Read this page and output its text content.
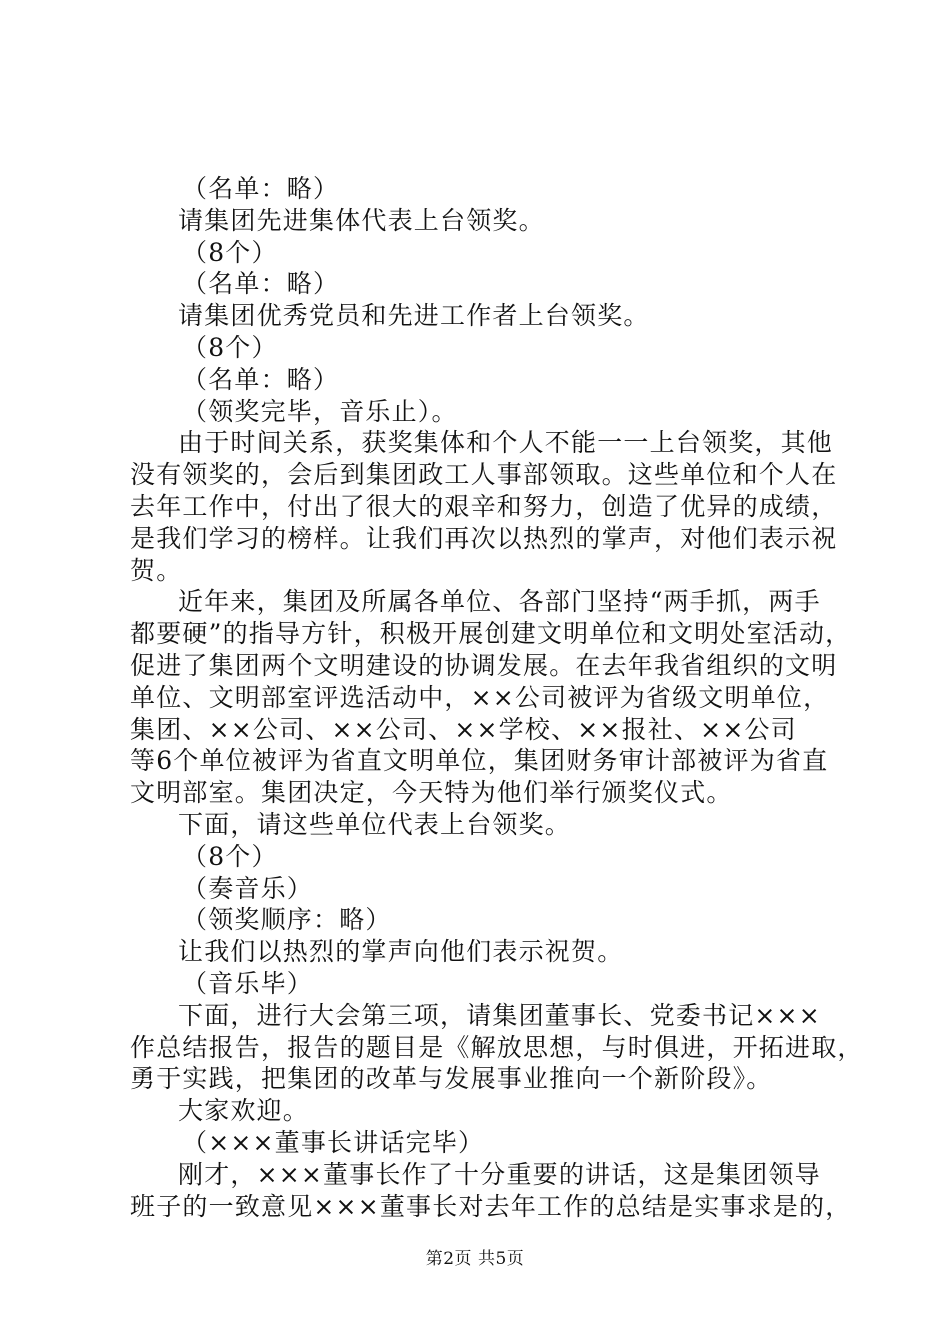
（名单：略）
请集团先进集体代表上台领奖。
（8个）
（名单：略）
请集团优秀党员和先进工作者上台领奖。
（8个）
（名单：略）
（领奖完毕，音乐止）。
由于时间关系，获奖集体和个人不能一一上台领奖，其他
没有领奖的，会后到集团政工人事部领取。这些单位和个人在
去年工作中，付出了很大的艰辛和努力，创造了优异的成绩，
是我们学习的榜样。让我们再次以热烈的掌声，对他们表示祝
贺。
近年来，集团及所属各单位、各部门坚持“两手抓，两手
都要硬”的指导方针，积极开展创建文明单位和文明处室活动，
促进了集团两个文明建设的协调发展。在去年我省组织的文明
单位、文明部室评选活动中，××公司被评为省级文明单位，
集团、××公司、××公司、××学校、××报社、××公司
等6个单位被评为省直文明单位，集团财务审计部被评为省直
文明部室。集团决定，今天特为他们举行颁奖仪式。
下面，请这些单位代表上台领奖。
（8个）
（奏音乐）
（领奖顺序：略）
让我们以热烈的掌声向他们表示祝贺。
（音乐毕）
下面，进行大会第三项，请集团董事长、党委书记×××
作总结报告，报告的题目是《解放思想，与时俱进，开拓进取，
勇于实践，把集团的改革与发展事业推向一个新阶段》。
大家欢迎。
（×××董事长讲话完毕）
刚才，×××董事长作了十分重要的讲话，这是集团领导
班子的一致意见×××董事长对去年工作的总结是实事求是的，
第2页 共5页
